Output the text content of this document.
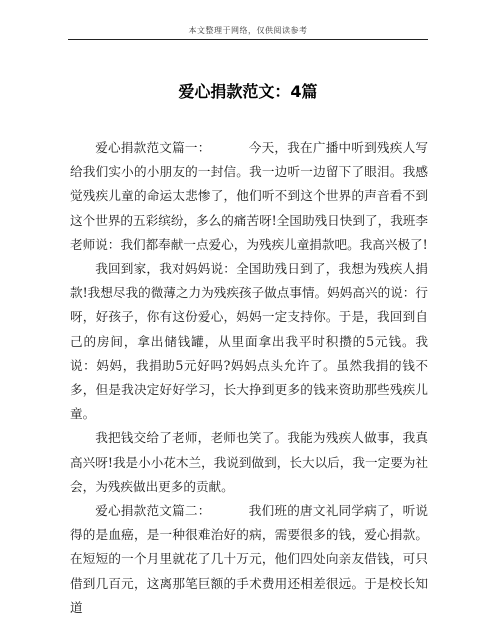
本文整理于网络，仅供阅读参考
爱心捐款范文：4篇

爱心捐款范文篇一：	今天，我在广播中听到残疾人写给我们实小的小朋友的一封信。我一边听一边留下了眼泪。我感觉残疾儿童的命运太悲惨了，他们听不到这个世界的声音看不到这个世界的五彩缤纷，多么的痛苦呀!全国助残日快到了，我班李老师说：我们都奉献一点爱心，为残疾儿童捐款吧。我高兴极了!

我回到家，我对妈妈说：全国助残日到了，我想为残疾人捐款!我想尽我的微薄之力为残疾孩子做点事情。妈妈高兴的说：行呀，好孩子，你有这份爱心，妈妈一定支持你。于是，我回到自己的房间，拿出储钱罐，从里面拿出我平时积攒的5元钱。我说：妈妈，我捐助5元好吗?妈妈点头允许了。虽然我捐的钱不多，但是我决定好好学习，长大挣到更多的钱来资助那些残疾儿童。

我把钱交给了老师，老师也笑了。我能为残疾人做事，我真高兴呀!我是小小花木兰，我说到做到，长大以后，我一定要为社会，为残疾做出更多的贡献。

爱心捐款范文篇二：	我们班的唐文礼同学病了，听说得的是血癌，是一种很难治好的病，需要很多的钱，爱心捐款。在短短的一个月里就花了几十万元，他们四处向亲友借钱，可只借到几百元，这离那笔巨额的手术费用还相差很远。于是校长知道
